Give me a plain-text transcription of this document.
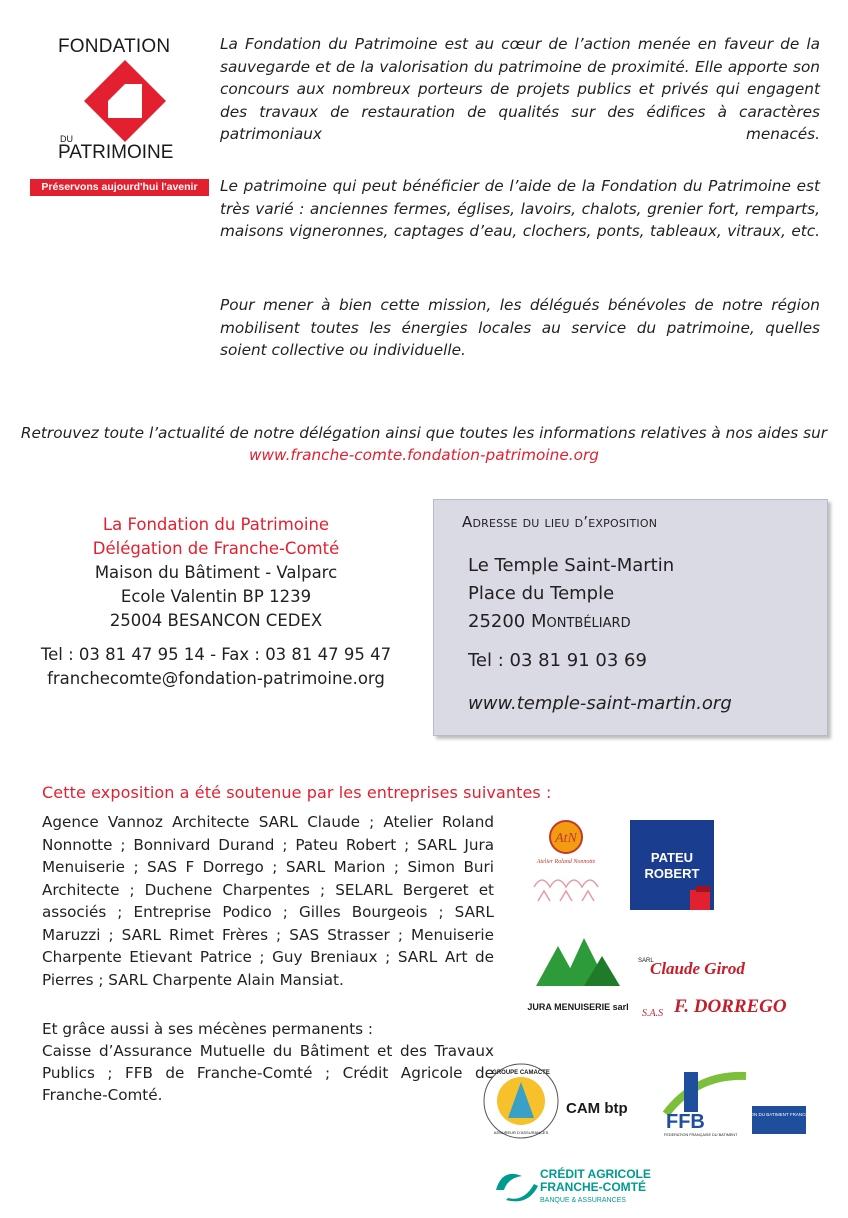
FONDATION
DU
PATRIMOINE
Préservons aujourd'hui l'avenir

La Fondation du Patrimoine est au cœur de l’action menée en faveur de la sauvegarde et de la valorisation du patrimoine de proximité. Elle apporte son concours aux nombreux porteurs de projets publics et privés qui engagent des travaux de restauration de qualités sur des édifices à caractères patrimoniaux menacés.

Le patrimoine qui peut bénéficier de l’aide de la Fondation du Patrimoine est très varié : anciennes fermes, églises, lavoirs, chalots, grenier fort, remparts, maisons vigneronnes, captages d’eau, clochers, ponts, tableaux, vitraux, etc.

Pour mener à bien cette mission, les délégués bénévoles de notre région mobilisent toutes les énergies locales au service du patrimoine, quelles soient collective ou individuelle.

Retrouvez toute l’actualité de notre délégation ainsi que toutes les informations relatives à nos aides sur www.franche-comte.fondation-patrimoine.org

La Fondation du Patrimoine
Délégation de Franche-Comté
Maison du Bâtiment - Valparc
Ecole Valentin BP 1239
25004 BESANCON CEDEX
Tel : 03 81 47 95 14 - Fax : 03 81 47 95 47
franchecomte@fondation-patrimoine.org
Adresse du lieu d’exposition
Le Temple Saint-Martin
Place du Temple
25200 Montbéliard
Tel : 03 81 91 03 69
www.temple-saint-martin.org
Cette exposition a été soutenue par les entreprises suivantes :

Agence Vannoz Architecte SARL Claude ; Atelier Roland Nonnotte ; Bonnivard Durand ; Pateu Robert ; SARL Jura Menuiserie ; SAS F Dorrego ; SARL Marion ; Simon Buri Architecte ; Duchene Charpentes ; SELARL Bergeret et associés ; Entreprise Podico ; Gilles Bourgeois ; SARL Maruzzi ; SARL Rimet Frères ; SAS Strasser ; Menuiserie Charpente Etievant Patrice ; Guy Breniaux ; SARL Art de Pierres ; SARL Charpente Alain Mansiat.

Et grâce aussi à ses mécènes permanents :

Caisse d’Assurance Mutuelle du Bâtiment et des Travaux Publics ; FFB de Franche-Comté ; Crédit Agricole de Franche-Comté.

AtN
Atelier Roland Nonnotte	PATEU
ROBERT
JURA MENUISERIE sarl
SARL
Claude Girod
S.A.S F. DORREGO
GROUPE CAMACTE
ASSUREUR D'ASSURANCES
CAM btp
FFB	FEDERATION DU BATIMENT FRANCHE-COMTE
FEDERATION FRANÇAISE DU BATIMENT
CRÉDIT AGRICOLE
FRANCHE-COMTÉ
BANQUE & ASSURANCES
